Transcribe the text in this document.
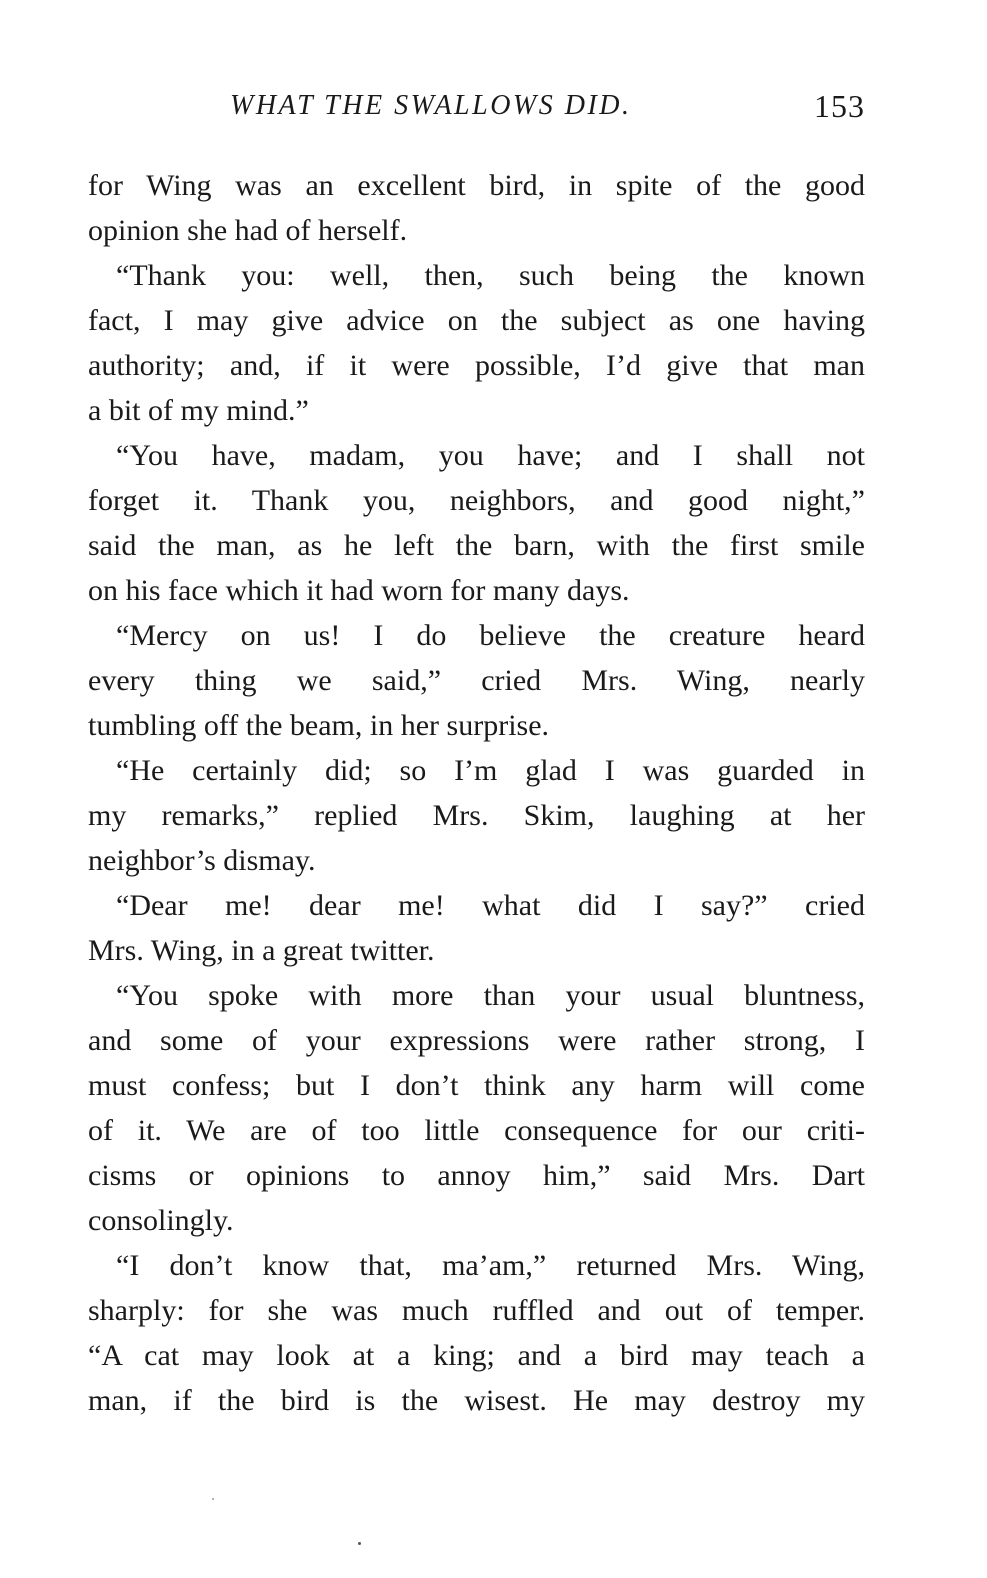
WHAT THE SWALLOWS DID.	153
for Wing was an excellent bird, in spite of the good
opinion she had of herself.
“Thank you: well, then, such being the known
fact, I may give advice on the subject as one having
authority; and, if it were possible, I’d give that man
a bit of my mind.”
“You have, madam, you have; and I shall not
forget it. Thank you, neighbors, and good night,”
said the man, as he left the barn, with the first smile
on his face which it had worn for many days.
“Mercy on us! I do believe the creature heard
every thing we said,” cried Mrs. Wing, nearly
tumbling off the beam, in her surprise.
“He certainly did; so I’m glad I was guarded in
my remarks,” replied Mrs. Skim, laughing at her
neighbor’s dismay.
“Dear me! dear me! what did I say?” cried
Mrs. Wing, in a great twitter.
“You spoke with more than your usual bluntness,
and some of your expressions were rather strong, I
must confess; but I don’t think any harm will come
of it. We are of too little consequence for our criti-
cisms or opinions to annoy him,” said Mrs. Dart
consolingly.
“I don’t know that, ma’am,” returned Mrs. Wing,
sharply: for she was much ruffled and out of temper.
“A cat may look at a king; and a bird may teach a
man, if the bird is the wisest. He may destroy my
